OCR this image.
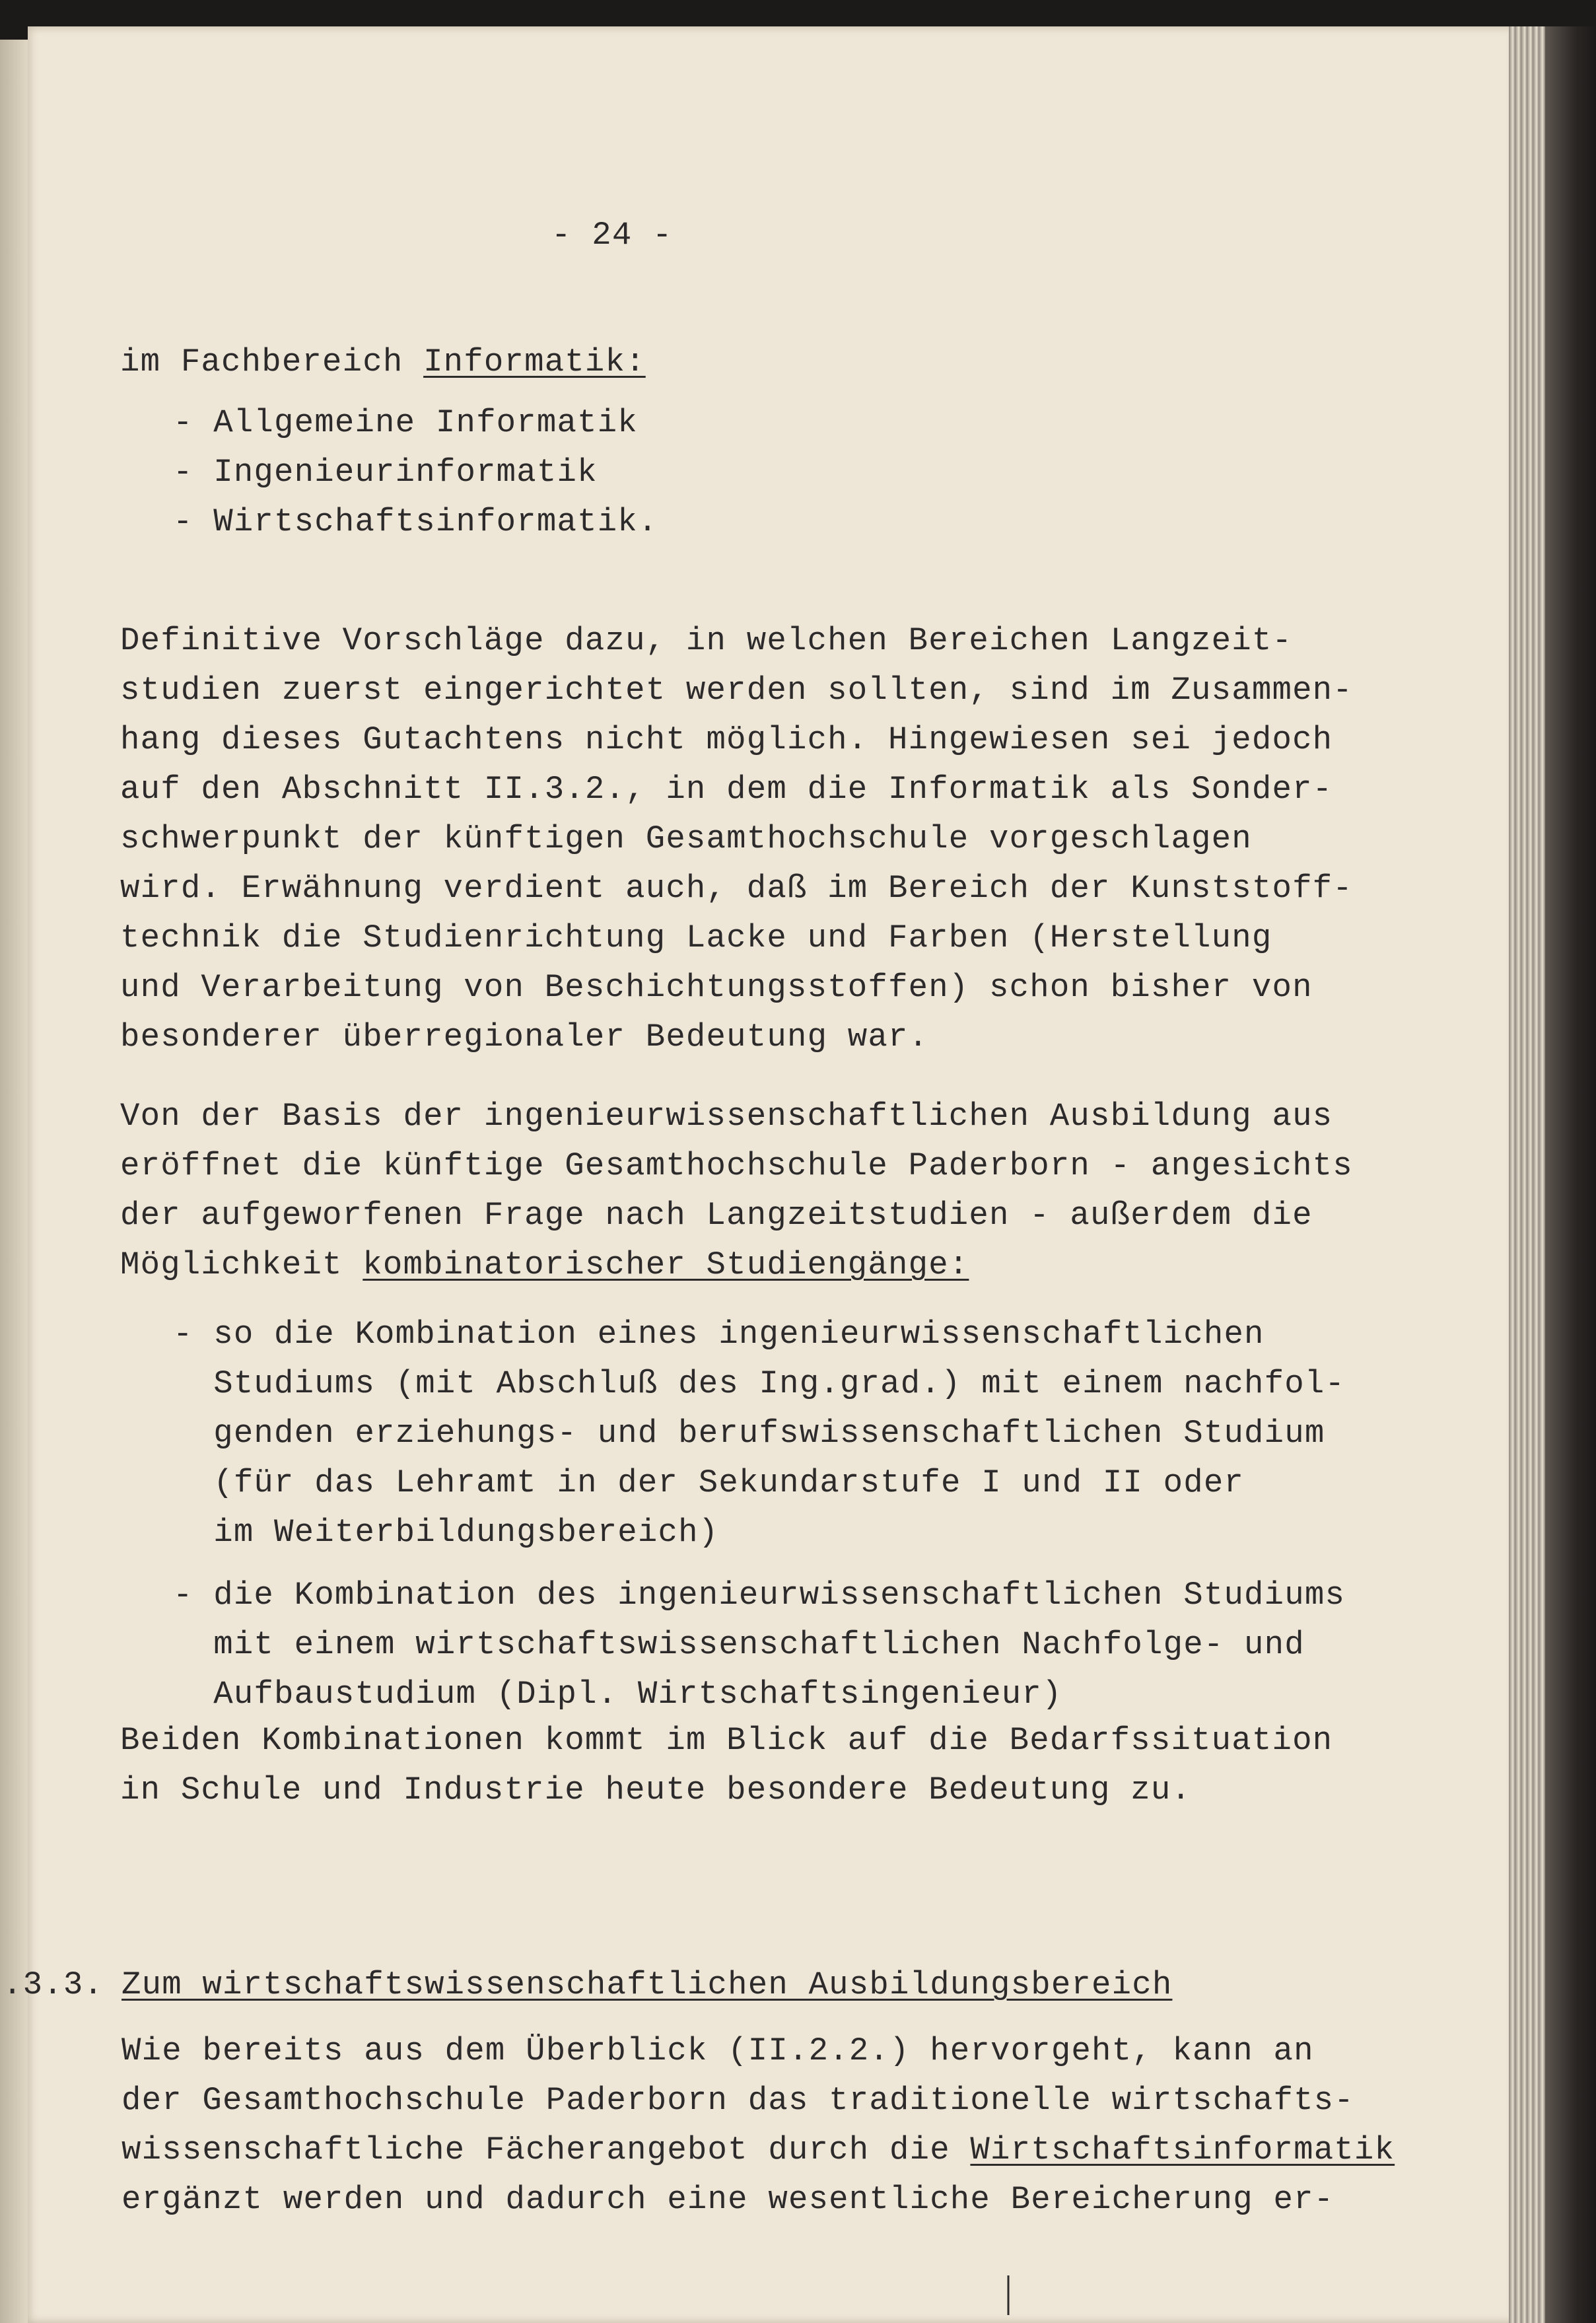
- 24 -

im Fachbereich Informatik:

- Allgemeine Informatik

- Ingenieurinformatik

- Wirtschaftsinformatik.

Definitive Vorschläge dazu, in welchen Bereichen Langzeit-

studien zuerst eingerichtet werden sollten, sind im Zusammen-

hang dieses Gutachtens nicht möglich. Hingewiesen sei jedoch

auf den Abschnitt II.3.2., in dem die Informatik als Sonder-

schwerpunkt der künftigen Gesamthochschule vorgeschlagen

wird. Erwähnung verdient auch, daß im Bereich der Kunststoff-

technik die Studienrichtung Lacke und Farben (Herstellung

und Verarbeitung von Beschichtungsstoffen) schon bisher von

besonderer überregionaler Bedeutung war.

Von der Basis der ingenieurwissenschaftlichen Ausbildung aus

eröffnet die künftige Gesamthochschule Paderborn - angesichts

der aufgeworfenen Frage nach Langzeitstudien - außerdem die

Möglichkeit kombinatorischer Studiengänge:

- so die Kombination eines ingenieurwissenschaftlichen

Studiums (mit Abschluß des Ing.grad.) mit einem nachfol-

genden erziehungs- und berufswissenschaftlichen Studium

(für das Lehramt in der Sekundarstufe I und II oder

im Weiterbildungsbereich)

- die Kombination des ingenieurwissenschaftlichen Studiums

mit einem wirtschaftswissenschaftlichen Nachfolge- und

Aufbaustudium (Dipl. Wirtschaftsingenieur)

Beiden Kombinationen kommt im Blick auf die Bedarfssituation

in Schule und Industrie heute besondere Bedeutung zu.

.3.3. Zum wirtschaftswissenschaftlichen Ausbildungsbereich

Wie bereits aus dem Überblick (II.2.2.) hervorgeht, kann an

der Gesamthochschule Paderborn das traditionelle wirtschafts-

wissenschaftliche Fächerangebot durch die Wirtschaftsinformatik

ergänzt werden und dadurch eine wesentliche Bereicherung er-
